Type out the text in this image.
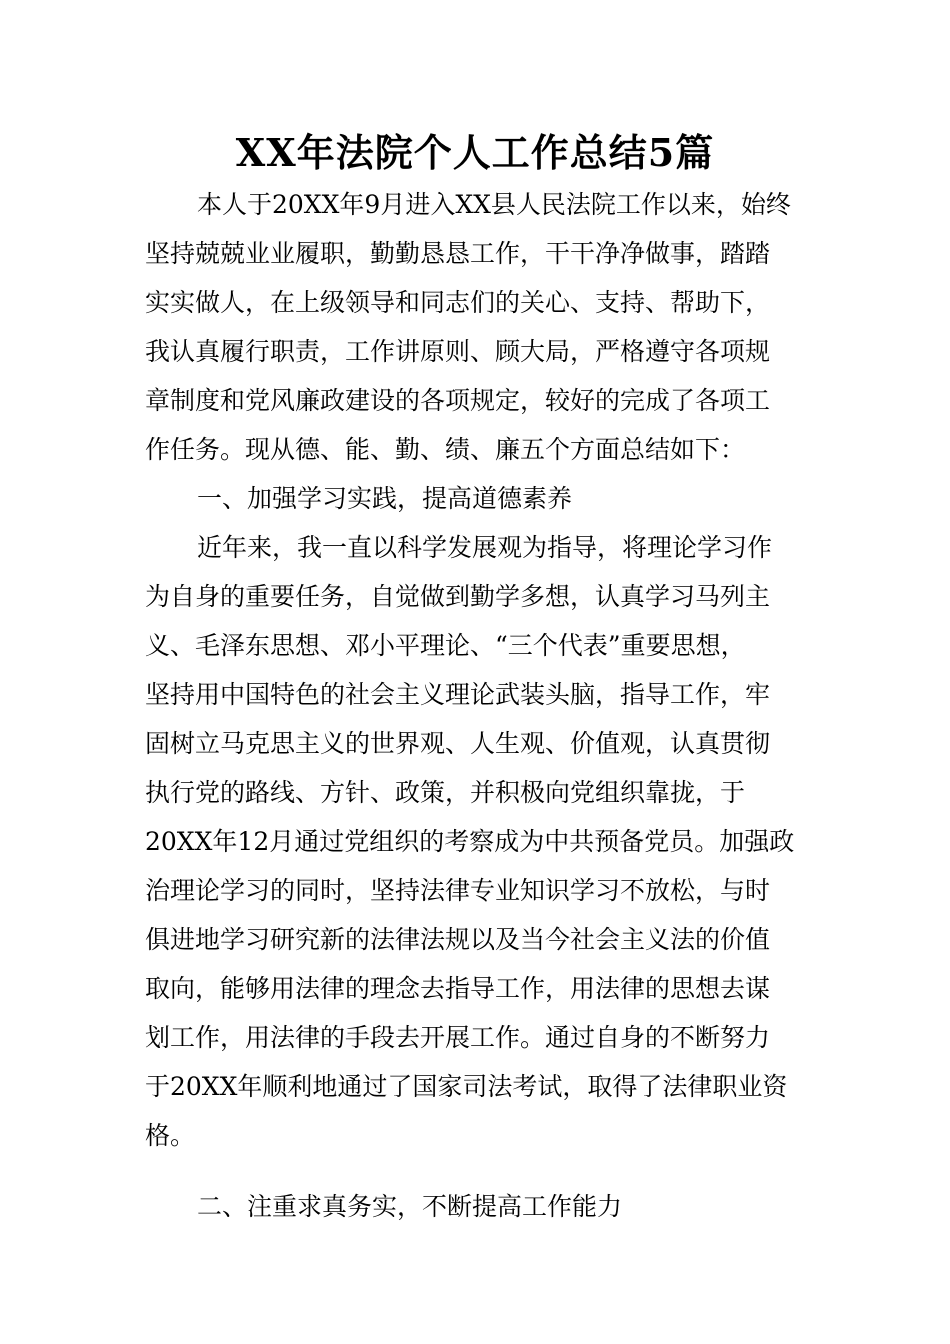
XX年法院个人工作总结5篇
本人于20XX年9月进入XX县人民法院工作以来，始终
坚持兢兢业业履职，勤勤恳恳工作，干干净净做事，踏踏
实实做人，在上级领导和同志们的关心、支持、帮助下，
我认真履行职责，工作讲原则、顾大局，严格遵守各项规
章制度和党风廉政建设的各项规定，较好的完成了各项工
作任务。现从德、能、勤、绩、廉五个方面总结如下：
一、加强学习实践，提高道德素养
近年来，我一直以科学发展观为指导，将理论学习作
为自身的重要任务，自觉做到勤学多想，认真学习马列主
义、毛泽东思想、邓小平理论、“三个代表”重要思想，
坚持用中国特色的社会主义理论武装头脑，指导工作，牢
固树立马克思主义的世界观、人生观、价值观，认真贯彻
执行党的路线、方针、政策，并积极向党组织靠拢，于
20XX年12月通过党组织的考察成为中共预备党员。加强政
治理论学习的同时，坚持法律专业知识学习不放松，与时
俱进地学习研究新的法律法规以及当今社会主义法的价值
取向，能够用法律的理念去指导工作，用法律的思想去谋
划工作，用法律的手段去开展工作。通过自身的不断努力
于20XX年顺利地通过了国家司法考试，取得了法律职业资
格。
二、注重求真务实，不断提高工作能力
